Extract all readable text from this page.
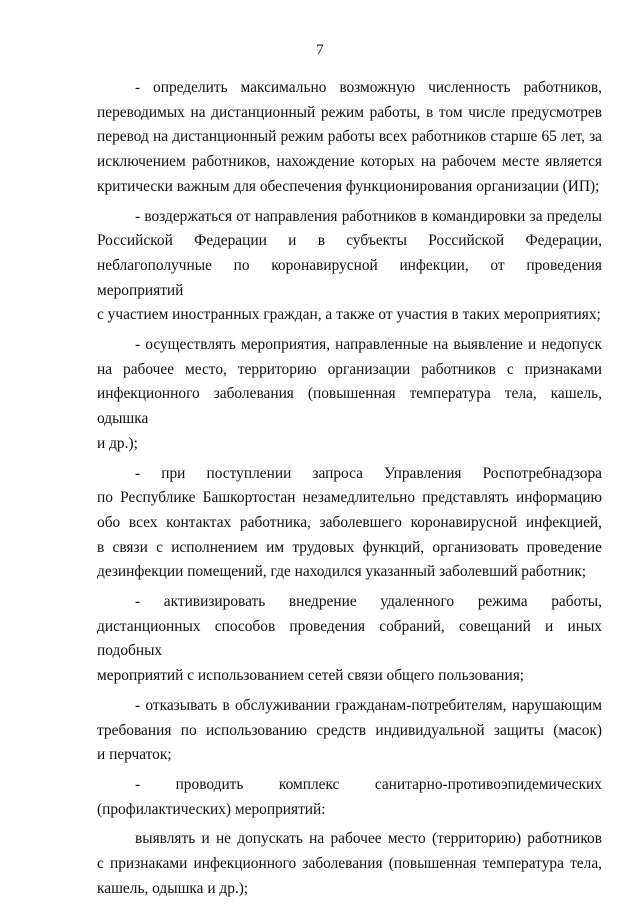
7
- определить максимально возможную численность работников,
переводимых на дистанционный режим работы, в том числе предусмотрев
перевод на дистанционный режим работы всех работников старше 65 лет, за
исключением работников, нахождение которых на рабочем месте является
критически важным для обеспечения функционирования организации (ИП);
- воздержаться от направления работников в командировки за пределы
Российской Федерации и в субъекты Российской Федерации,
неблагополучные по коронавирусной инфекции, от проведения мероприятий
с участием иностранных граждан, а также от участия в таких мероприятиях;
- осуществлять мероприятия, направленные на выявление и недопуск
на рабочее место, территорию организации работников с признаками
инфекционного заболевания (повышенная температура тела, кашель, одышка
и др.);
- при поступлении запроса Управления Роспотребнадзора
по Республике Башкортостан незамедлительно представлять информацию
обо всех контактах работника, заболевшего коронавирусной инфекцией,
в связи с исполнением им трудовых функций, организовать проведение
дезинфекции помещений, где находился указанный заболевший работник;
- активизировать внедрение удаленного режима работы,
дистанционных способов проведения собраний, совещаний и иных подобных
мероприятий с использованием сетей связи общего пользования;
- отказывать в обслуживании гражданам-потребителям, нарушающим
требования по использованию средств индивидуальной защиты (масок)
и перчаток;
- проводить комплекс санитарно-противоэпидемических
(профилактических) мероприятий:
выявлять и не допускать на рабочее место (территорию) работников
с признаками инфекционного заболевания (повышенная температура тела,
кашель, одышка и др.);
